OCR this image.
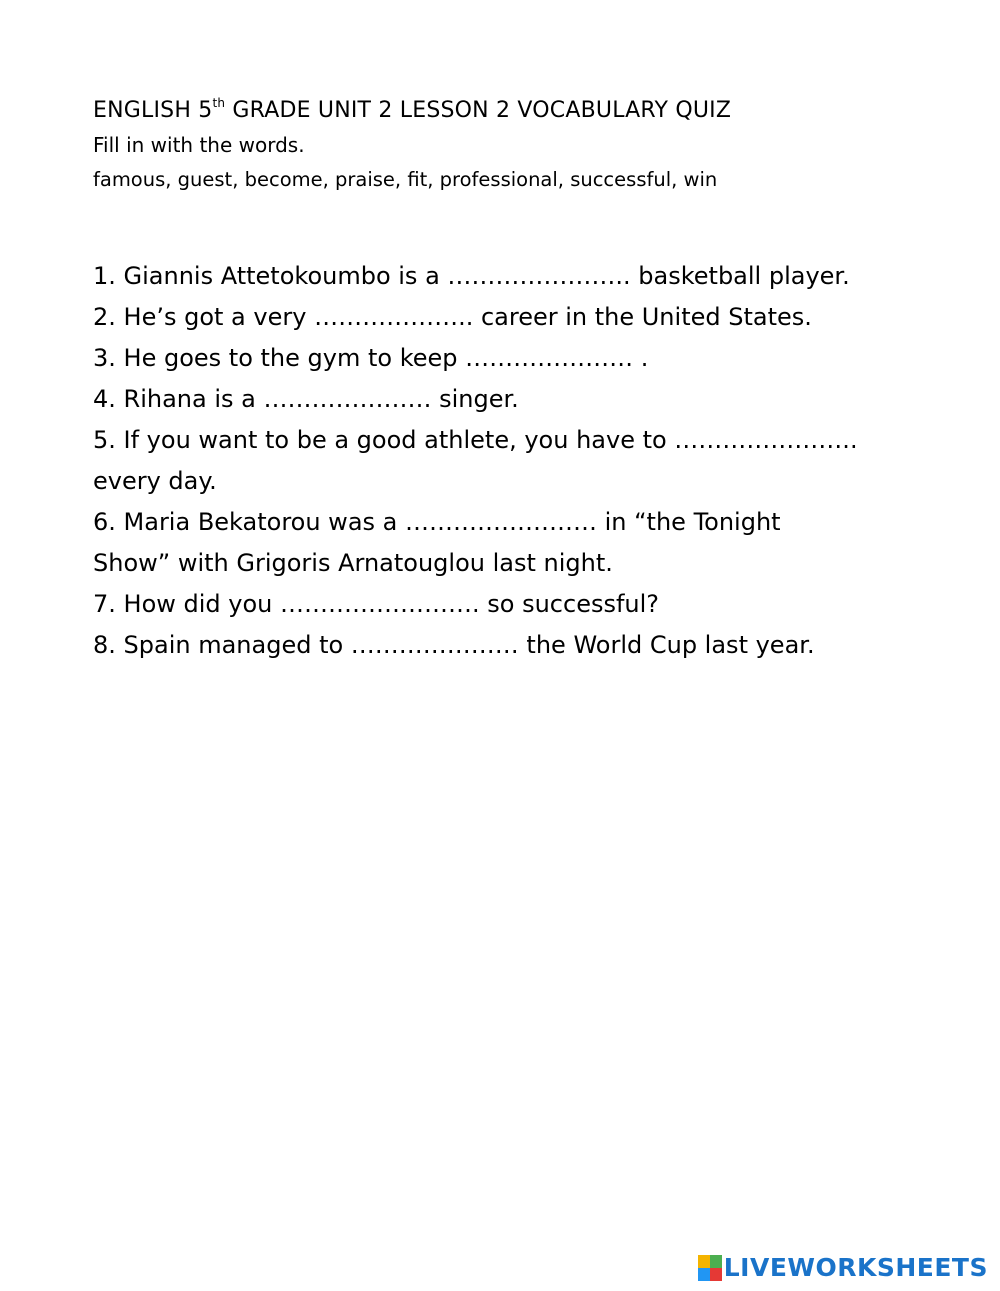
ENGLISH 5th GRADE UNIT 2 LESSON 2 VOCABULARY QUIZ
Fill in with the words.
famous, guest, become, praise, fit, professional, successful, win
1. Giannis Attetokoumbo is a ………………….. basketball player.
2. He’s got a very ……………….. career in the United States.
3. He goes to the gym to keep ………………… .
4. Rihana is a ………………… singer.
5. If you want to be a good athlete, you have to …………………..
every day.
6. Maria Bekatorou was a …………………… in “the Tonight
Show” with Grigoris Arnatouglou last night.
7. How did you ……………………. so successful?
8. Spain managed to ………………… the World Cup last year.
LIVEWORKSHEETS
